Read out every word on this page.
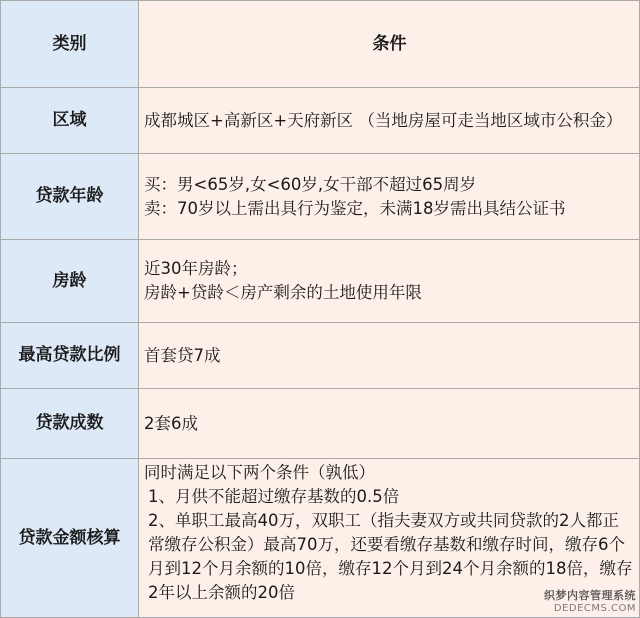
类别	条件
区域	成都城区+高新区+天府新区 （当地房屋可走当地区域市公积金）

贷款年龄	买：男<65岁,女<60岁,女干部不超过65周岁
卖：70岁以上需出具行为鉴定，未满18岁需出具结公证书

房龄	近30年房龄；
房龄+贷龄＜房产剩余的土地使用年限

最高贷款比例	首套贷7成

贷款成数	2套6成

贷款金额核算	同时满足以下两个条件（孰低）
1、月供不能超过缴存基数的0.5倍
2、单职工最高40万，双职工（指夫妻双方或共同贷款的2人都正常缴存公积金）最高70万，还要看缴存基数和缴存时间，缴存6个月到12个月余额的10倍，缴存12个月到24个月余额的18倍，缴存2年以上余额的20倍	织梦内容管理系统
DEDECMS.COM
